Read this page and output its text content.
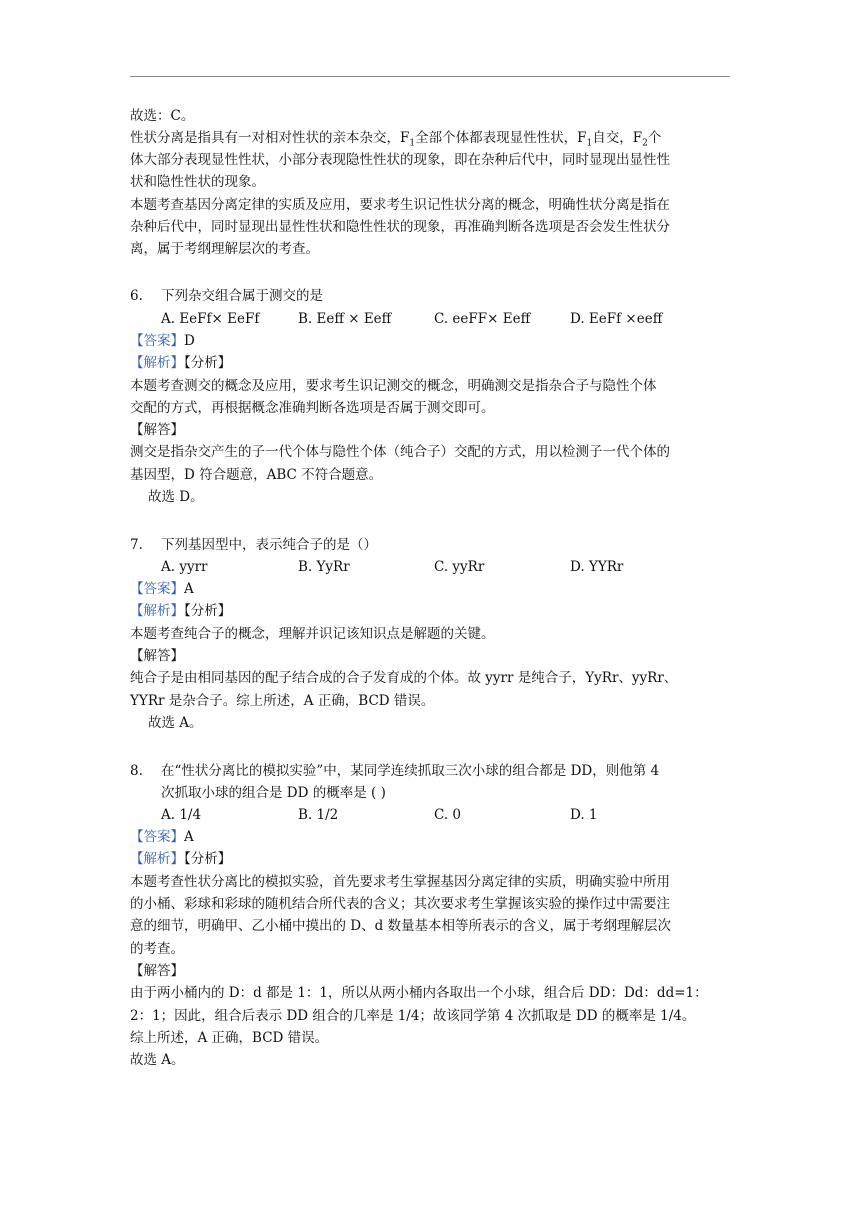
故选：C。
性状分离是指具有一对相对性状的亲本杂交，$F_1$全部个体都表现显性性状，$F_1$自交，$F_2$个
体大部分表现显性性状，小部分表现隐性性状的现象，即在杂种后代中，同时显现出显性性
状和隐性性状的现象。
本题考查基因分离定律的实质及应用，要求考生识记性状分离的概念，明确性状分离是指在
杂种后代中，同时显现出显性性状和隐性性状的现象，再准确判断各选项是否会发生性状分
离，属于考纲理解层次的考查。
6. 下列杂交组合属于测交的是
A. EeFf× EeFf	B. Eeff × Eeff	C. eeFF× Eeff	D. EeFf ×eeff
【答案】D
【解析】【分析】
本题考查测交的概念及应用，要求考生识记测交的概念，明确测交是指杂合子与隐性个体
交配的方式，再根据概念准确判断各选项是否属于测交即可。
【解答】
测交是指杂交产生的子一代个体与隐性个体（纯合子）交配的方式，用以检测子一代个体的
基因型，D 符合题意，ABC 不符合题意。
故选 D。
7. 下列基因型中，表示纯合子的是（）
A. yyrr	B. YyRr	C. yyRr	D. YYRr
【答案】A
【解析】【分析】
本题考查纯合子的概念，理解并识记该知识点是解题的关键。
【解答】
纯合子是由相同基因的配子结合成的合子发育成的个体。故 yyrr 是纯合子，YyRr、yyRr、
YYRr 是杂合子。综上所述，A 正确，BCD 错误。
故选 A。
8. 在“性状分离比的模拟实验”中，某同学连续抓取三次小球的组合都是 DD，则他第 4
次抓取小球的组合是 DD 的概率是 ( )
A. 1/4	B. 1/2	C. 0	D. 1
【答案】A
【解析】【分析】
本题考查性状分离比的模拟实验，首先要求考生掌握基因分离定律的实质，明确实验中所用
的小桶、彩球和彩球的随机结合所代表的含义；其次要求考生掌握该实验的操作过中需要注
意的细节，明确甲、乙小桶中摸出的 D、d 数量基本相等所表示的含义，属于考纲理解层次
的考查。
【解答】
由于两小桶内的 D：d 都是 1：1，所以从两小桶内各取出一个小球，组合后 DD：Dd：dd=1：
2：1；因此，组合后表示 DD 组合的几率是 1/4；故该同学第 4 次抓取是 DD 的概率是 1/4。
综上所述，A 正确，BCD 错误。
故选 A。
